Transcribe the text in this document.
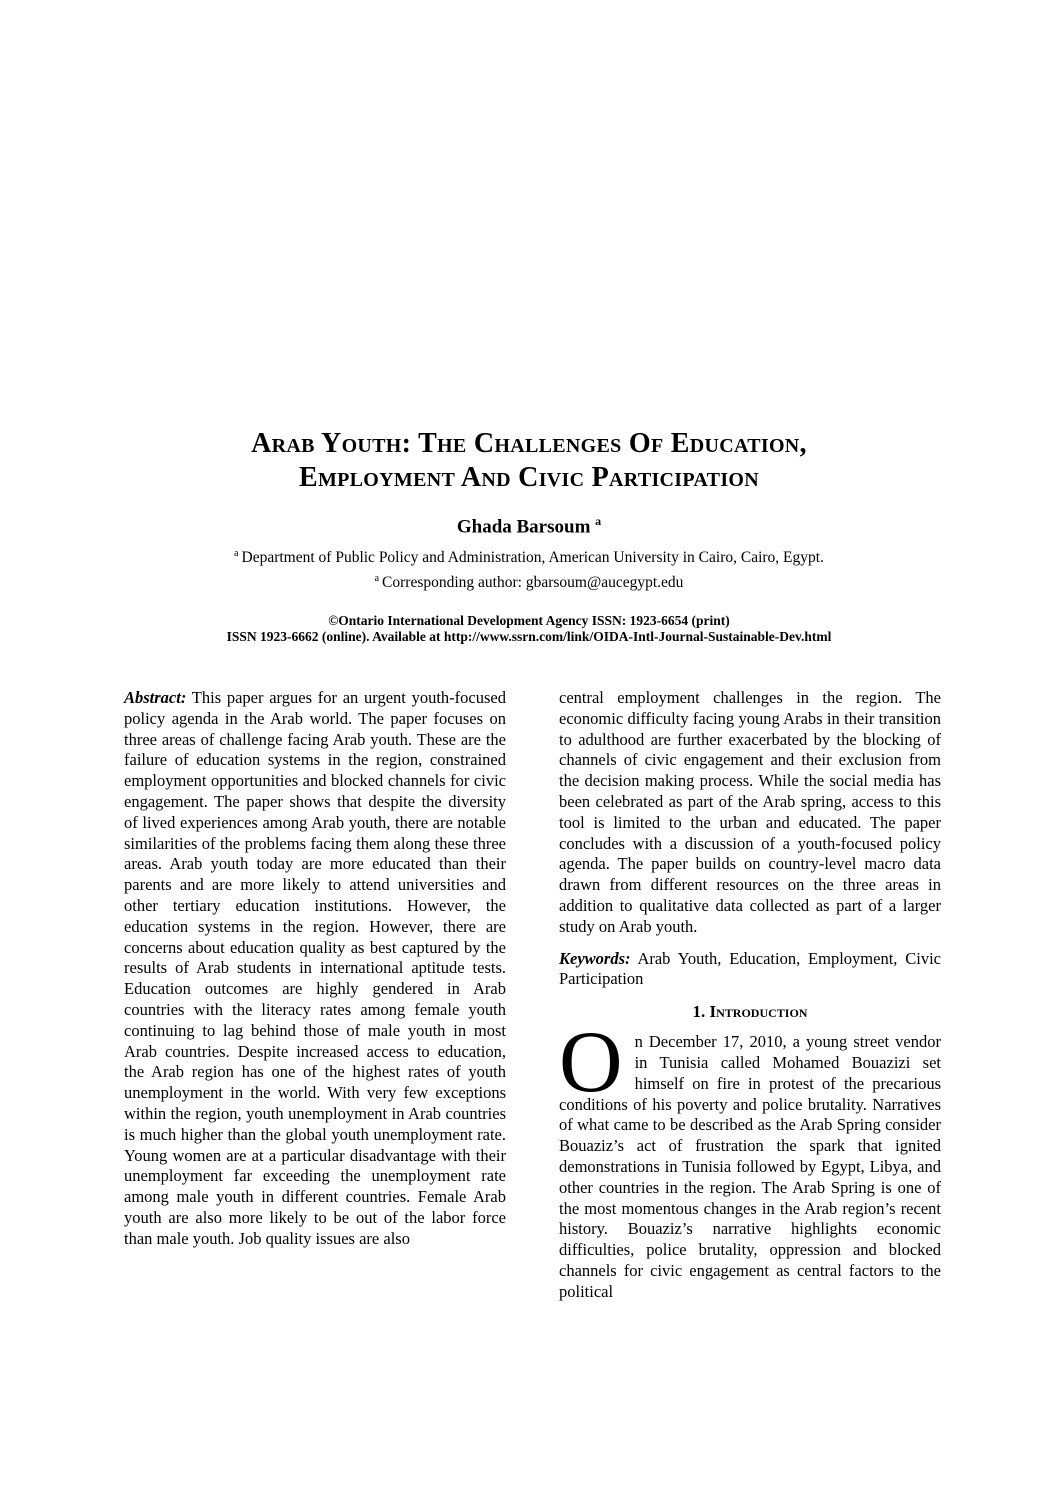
Arab Youth: The Challenges Of Education,
Employment And Civic Participation
Ghada Barsoum $^a$
$^a$ Department of Public Policy and Administration, American University in Cairo, Cairo, Egypt.
$^a$ Corresponding author: gbarsoum@aucegypt.edu
©Ontario International Development Agency ISSN: 1923-6654 (print)
ISSN 1923-6662 (online). Available at http://www.ssrn.com/link/OIDA-Intl-Journal-Sustainable-Dev.html

Abstract: This paper argues for an urgent youth-focused policy agenda in the Arab world. The paper focuses on three areas of challenge facing Arab youth. These are the failure of education systems in the region, constrained employment opportunities and blocked channels for civic engagement. The paper shows that despite the diversity of lived experiences among Arab youth, there are notable similarities of the problems facing them along these three areas. Arab youth today are more educated than their parents and are more likely to attend universities and other tertiary education institutions. However, the education systems in the region. However, there are concerns about education quality as best captured by the results of Arab students in international aptitude tests. Education outcomes are highly gendered in Arab countries with the literacy rates among female youth continuing to lag behind those of male youth in most Arab countries. Despite increased access to education, the Arab region has one of the highest rates of youth unemployment in the world. With very few exceptions within the region, youth unemployment in Arab countries is much higher than the global youth unemployment rate. Young women are at a particular disadvantage with their unemployment far exceeding the unemployment rate among male youth in different countries. Female Arab youth are also more likely to be out of the labor force than male youth. Job quality issues are also

central employment challenges in the region. The economic difficulty facing young Arabs in their transition to adulthood are further exacerbated by the blocking of channels of civic engagement and their exclusion from the decision making process. While the social media has been celebrated as part of the Arab spring, access to this tool is limited to the urban and educated. The paper concludes with a discussion of a youth-focused policy agenda. The paper builds on country-level macro data drawn from different resources on the three areas in addition to qualitative data collected as part of a larger study on Arab youth.

Keywords: Arab Youth, Education, Employment, Civic Participation

1. Introduction

On December 17, 2010, a young street vendor in Tunisia called Mohamed Bouazizi set himself on fire in protest of the precarious conditions of his poverty and police brutality. Narratives of what came to be described as the Arab Spring consider Bouaziz’s act of frustration the spark that ignited demonstrations in Tunisia followed by Egypt, Libya, and other countries in the region. The Arab Spring is one of the most momentous changes in the Arab region’s recent history. Bouaziz’s narrative highlights economic difficulties, police brutality, oppression and blocked channels for civic engagement as central factors to the political
